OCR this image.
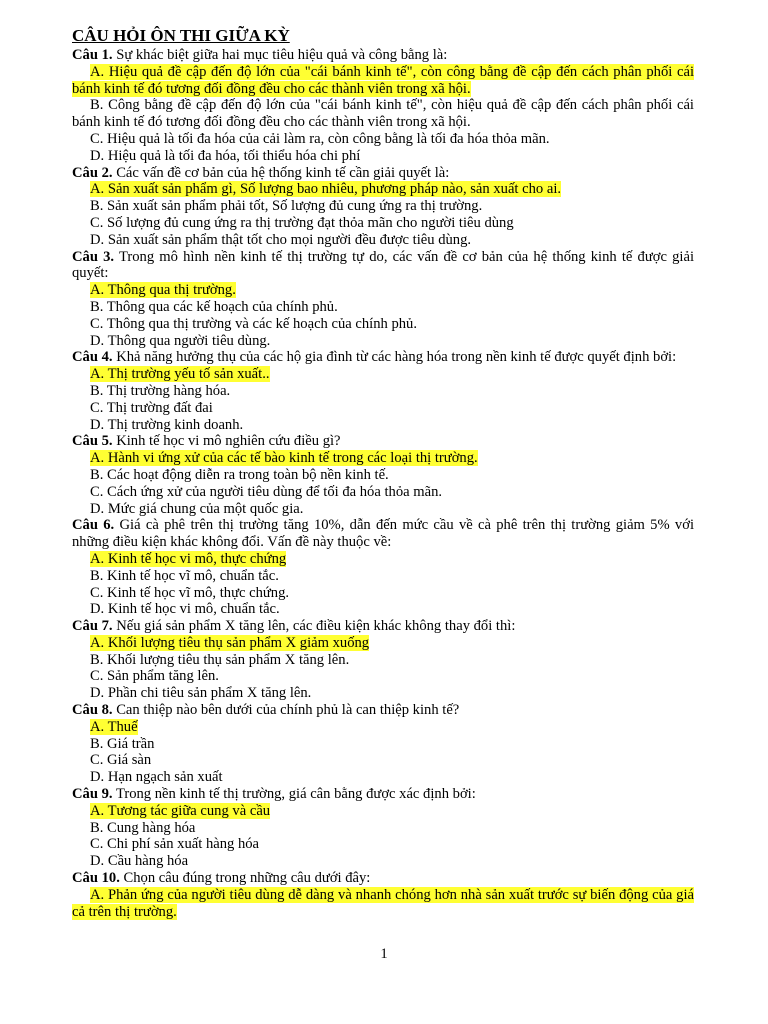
CÂU HỎI ÔN THI GIỮA KỲ
Câu 1. Sự khác biệt giữa hai mục tiêu hiệu quả và công bằng là:
A. Hiệu quả đề cập đến độ lớn của "cái bánh kinh tế", còn công bằng đề cập đến cách phân phối cái bánh kinh tế đó tương đối đồng đều cho các thành viên trong xã hội.
B. Công bằng đề cập đến độ lớn của "cái bánh kinh tế", còn hiệu quả đề cập đến cách phân phối cái bánh kinh tế đó tương đối đồng đều cho các thành viên trong xã hội.
C. Hiệu quả là tối đa hóa của cải làm ra, còn công bằng là tối đa hóa thỏa mãn.
D. Hiệu quả là tối đa hóa, tối thiểu hóa chi phí
Câu 2. Các vấn đề cơ bản của hệ thống kinh tế cần giải quyết là:
A. Sản xuất sản phẩm gì, Số lượng bao nhiêu, phương pháp nào, sản xuất cho ai.
B. Sản xuất sản phẩm phải tốt, Số lượng đủ cung ứng ra thị trường.
C. Số lượng đủ cung ứng ra thị trường đạt thỏa mãn cho người tiêu dùng
D. Sản xuất sản phẩm thật tốt cho mọi người đều được tiêu dùng.
Câu 3. Trong mô hình nền kinh tế thị trường tự do, các vấn đề cơ bản của hệ thống kinh tế được giải quyết:
A. Thông qua thị trường.
B. Thông qua các kế hoạch của chính phủ.
C. Thông qua thị trường và các kế hoạch của chính phủ.
D. Thông qua người tiêu dùng.
Câu 4. Khả năng hưởng thụ của các hộ gia đình từ các hàng hóa trong nền kinh tế được quyết định bởi:
A. Thị trường yếu tố sản xuất..
B. Thị trường hàng hóa.
C. Thị trường đất đai
D. Thị trường kinh doanh.
Câu 5. Kinh tế học vi mô nghiên cứu điều gì?
A. Hành vi ứng xử của các tế bào kinh tế trong các loại thị trường.
B. Các hoạt động diễn ra trong toàn bộ nền kinh tế.
C. Cách ứng xử của người tiêu dùng để tối đa hóa thỏa mãn.
D. Mức giá chung của một quốc gia.
Câu 6. Giá cà phê trên thị trường tăng 10%, dẫn đến mức cầu về cà phê trên thị trường giảm 5% với những điều kiện khác không đổi. Vấn đề này thuộc về:
A. Kinh tế học vi mô, thực chứng
B. Kinh tế học vĩ mô, chuẩn tắc.
C. Kinh tế học vĩ mô, thực chứng.
D. Kinh tế học vi mô, chuẩn tắc.
Câu 7. Nếu giá sản phẩm X tăng lên, các điều kiện khác không thay đổi thì:
A. Khối lượng tiêu thụ sản phẩm X giảm xuống
B. Khối lượng tiêu thụ sản phẩm X tăng lên.
C. Sản phẩm tăng lên.
D. Phần chi tiêu sản phẩm X tăng lên.
Câu 8. Can thiệp nào bên dưới của chính phủ là can thiệp kinh tế?
A. Thuế
B. Giá trần
C. Giá sàn
D. Hạn ngạch sản xuất
Câu 9. Trong nền kinh tế thị trường, giá cân bằng được xác định bởi:
A. Tương tác giữa cung và cầu
B. Cung hàng hóa
C. Chi phí sản xuất hàng hóa
D. Cầu hàng hóa
Câu 10. Chọn câu đúng trong những câu dưới đây:
A. Phản ứng của người tiêu dùng dễ dàng và nhanh chóng hơn nhà sản xuất trước sự biến động của giá cả trên thị trường.
1
